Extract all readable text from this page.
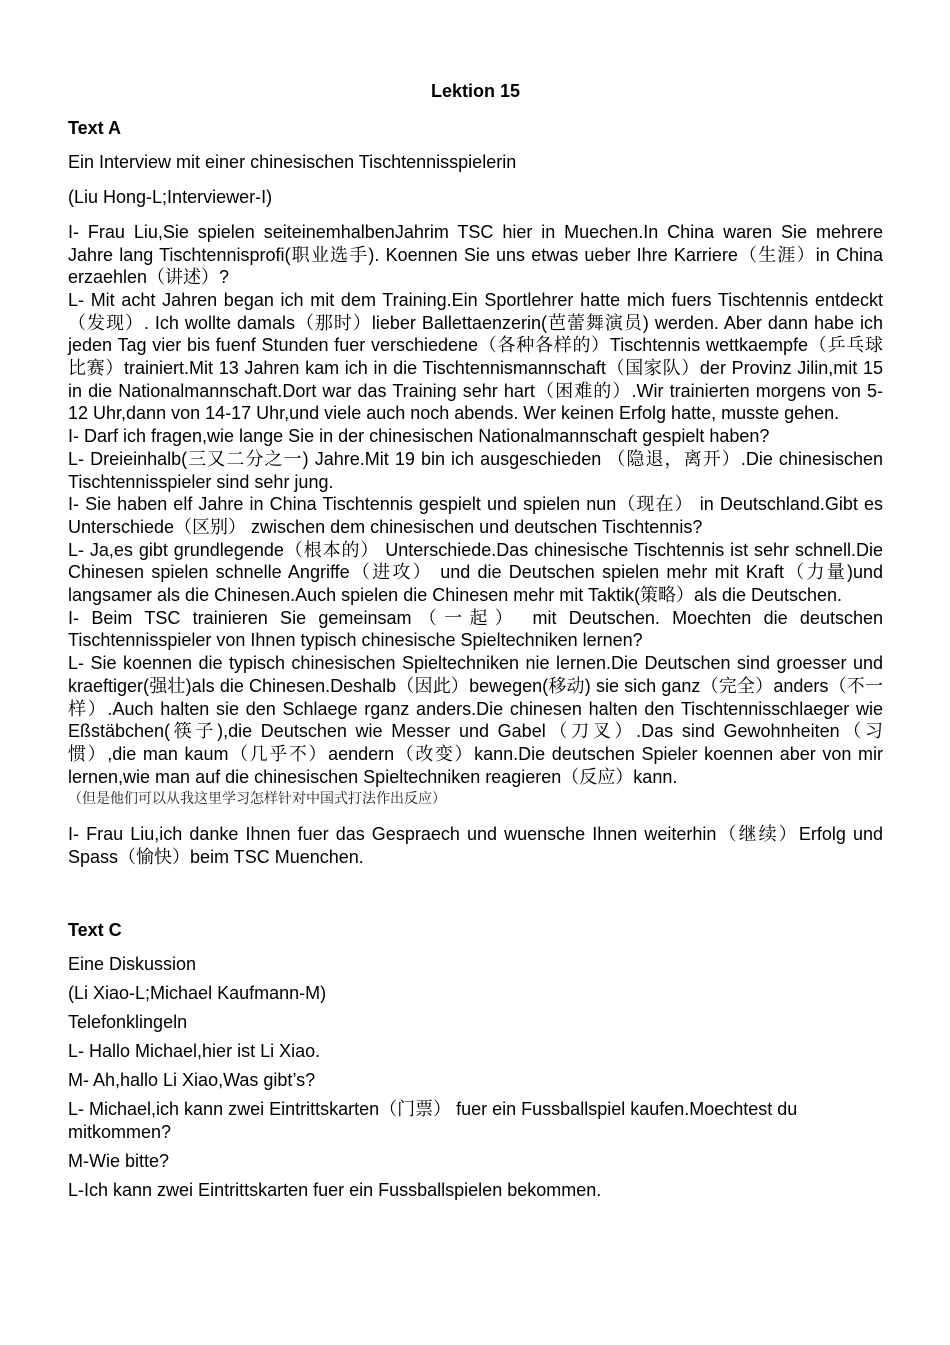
Lektion 15

Text A

Ein Interview mit einer chinesischen Tischtennisspielerin

(Liu Hong-L;Interviewer-I)

I- Frau Liu,Sie spielen seiteinemhalbenJahrim TSC hier in Muechen.In China waren Sie mehrere Jahre lang Tischtennisprofi(职业选手). Koennen Sie uns etwas ueber Ihre Karriere（生涯）in China erzaehlen（讲述）?

L- Mit acht Jahren began ich mit dem Training.Ein Sportlehrer hatte mich fuers Tischtennis entdeckt（发现）. Ich wollte damals（那时）lieber Ballettaenzerin(芭蕾舞演员) werden. Aber dann habe ich jeden Tag vier bis fuenf Stunden fuer verschiedene（各种各样的）Tischtennis wettkaempfe（乒乓球比赛）trainiert.Mit 13 Jahren kam ich in die Tischtennismannschaft（国家队）der Provinz Jilin,mit 15 in die Nationalmannschaft.Dort war das Training sehr hart（困难的）.Wir trainierten morgens von 5-12 Uhr,dann von 14-17 Uhr,und viele auch noch abends. Wer keinen Erfolg hatte, musste gehen.

I- Darf ich fragen,wie lange Sie in der chinesischen Nationalmannschaft gespielt haben?

L- Dreieinhalb(三又二分之一) Jahre.Mit 19 bin ich ausgeschieden （隐退，离开）.Die chinesischen Tischtennisspieler sind sehr jung.

I- Sie haben elf Jahre in China Tischtennis gespielt und spielen nun（现在） in Deutschland.Gibt es Unterschiede（区别） zwischen dem chinesischen und deutschen Tischtennis?

L- Ja,es gibt grundlegende（根本的） Unterschiede.Das chinesische Tischtennis ist sehr schnell.Die Chinesen spielen schnelle Angriffe（进攻） und die Deutschen spielen mehr mit Kraft（力量)und langsamer als die Chinesen.Auch spielen die Chinesen mehr mit Taktik(策略）als die Deutschen.

I- Beim TSC trainieren Sie gemeinsam（一起） mit Deutschen. Moechten die deutschen Tischtennisspieler von Ihnen typisch chinesische Spieltechniken lernen?

L- Sie koennen die typisch chinesischen Spieltechniken nie lernen.Die Deutschen sind groesser und kraeftiger(强壮)als die Chinesen.Deshalb（因此）bewegen(移动) sie sich ganz（完全）anders（不一样）.Auch halten sie den Schlaege rganz anders.Die chinesen halten den Tischtennisschlaeger wie Eßstäbchen(筷子),die Deutschen wie Messer und Gabel（刀叉）.Das sind Gewohnheiten（习惯）,die man kaum（几乎不）aendern（改变）kann.Die deutschen Spieler koennen aber von mir lernen,wie man auf die chinesischen Spieltechniken reagieren（反应）kann.

（但是他们可以从我这里学习怎样针对中国式打法作出反应）

I- Frau Liu,ich danke Ihnen fuer das Gespraech und wuensche Ihnen weiterhin（继续）Erfolg und Spass（愉快）beim TSC Muenchen.

Text C

Eine Diskussion

(Li Xiao-L;Michael Kaufmann-M)

Telefonklingeln

L- Hallo Michael,hier ist Li Xiao.

M- Ah,hallo Li Xiao,Was gibt’s?

L- Michael,ich kann zwei Eintrittskarten（门票） fuer ein Fussballspiel kaufen.Moechtest du mitkommen?

M-Wie bitte?

L-Ich kann zwei Eintrittskarten fuer ein Fussballspielen bekommen.
